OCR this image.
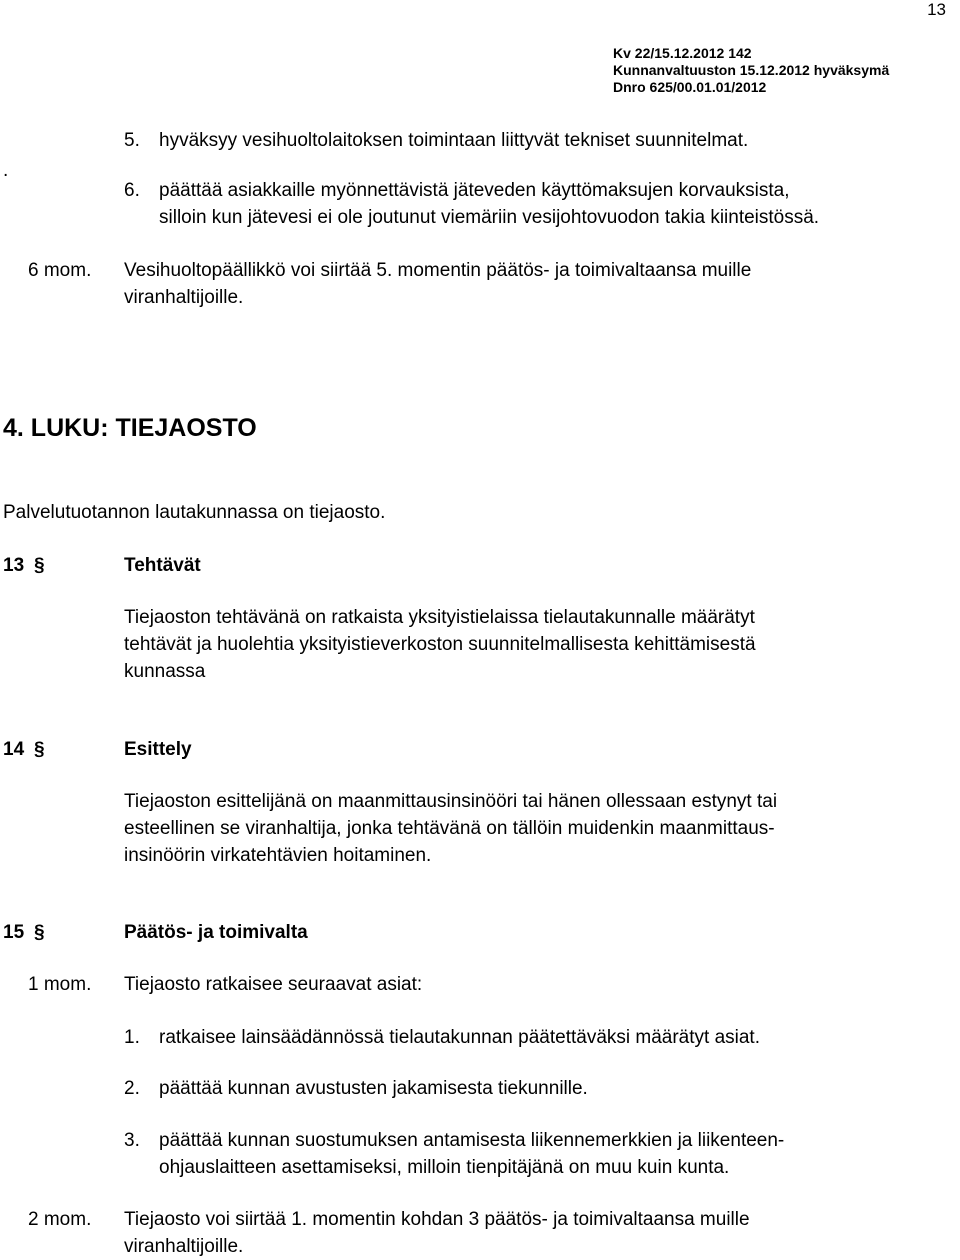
13
Kv 22/15.12.2012 142
Kunnanvaltuuston 15.12.2012 hyväksymä
Dnro 625/00.01.01/2012
.
5. hyväksyy vesihuoltolaitoksen toimintaan liittyvät tekniset suunnitelmat.
6. päättää asiakkaille myönnettävistä jäteveden käyttömaksujen korvauksista,
silloin kun jätevesi ei ole joutunut viemäriin vesijohtovuodon takia kiinteistössä.
6 mom. Vesihuoltopäällikkö voi siirtää 5. momentin päätös- ja toimivaltaansa muille
viranhaltijoille.
4. LUKU: TIEJAOSTO
Palvelutuotannon lautakunnassa on tiejaosto.
13 §	Tehtävät
Tiejaoston tehtävänä on ratkaista yksityistielaissa tielautakunnalle määrätyt
tehtävät ja huolehtia yksityistieverkoston suunnitelmallisesta kehittämisestä
kunnassa
14 §	Esittely
Tiejaoston esittelijänä on maanmittausinsinööri tai hänen ollessaan estynyt tai
esteellinen se viranhaltija, jonka tehtävänä on tällöin muidenkin maanmittaus-
insinöörin virkatehtävien hoitaminen.
15 §	Päätös- ja toimivalta
1 mom. Tiejaosto ratkaisee seuraavat asiat:
1. ratkaisee lainsäädännössä tielautakunnan päätettäväksi määrätyt asiat.
2. päättää kunnan avustusten jakamisesta tiekunnille.
3. päättää kunnan suostumuksen antamisesta liikennemerkkien ja liikenteen-
ohjauslaitteen asettamiseksi, milloin tienpitäjänä on muu kuin kunta.
2 mom. Tiejaosto voi siirtää 1. momentin kohdan 3 päätös- ja toimivaltaansa muille
viranhaltijoille.
